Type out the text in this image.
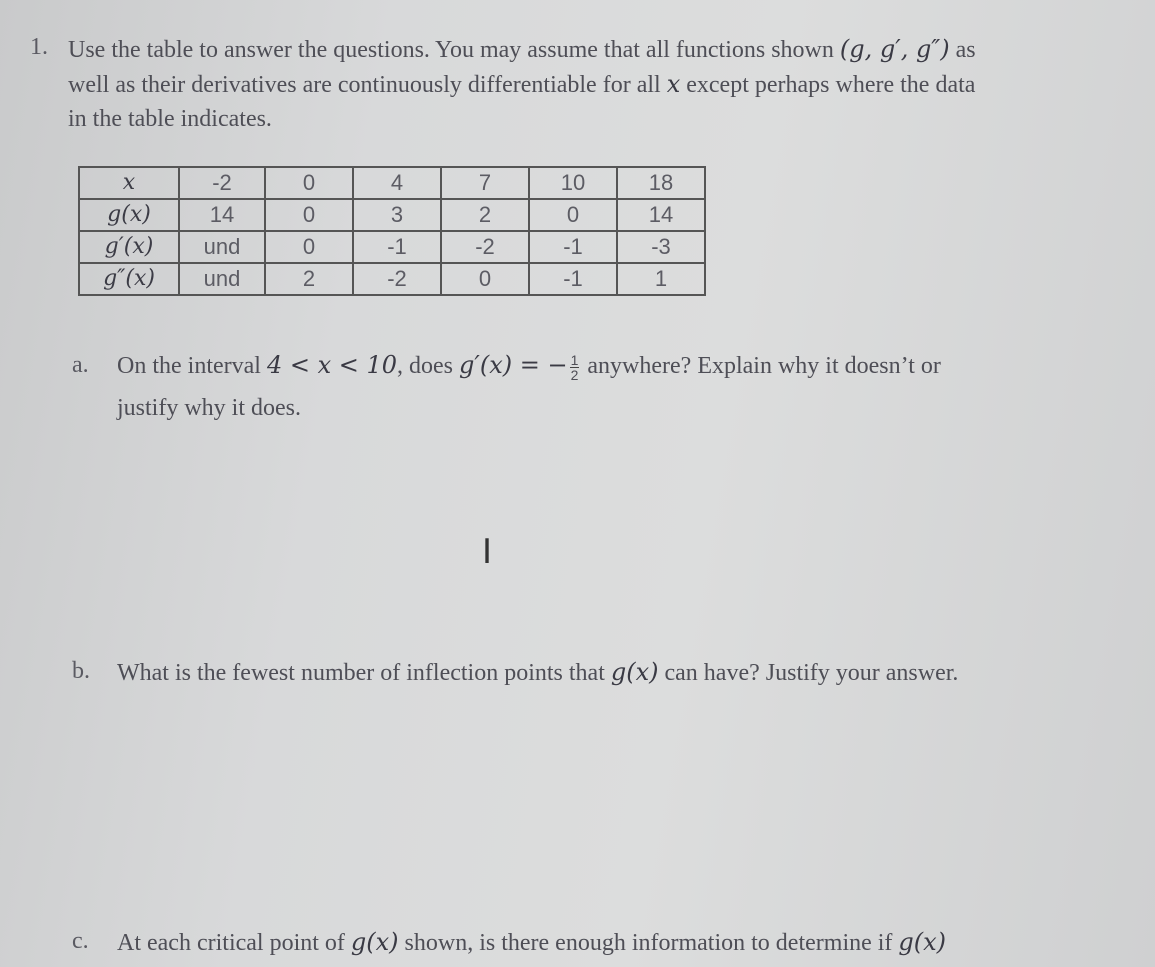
1. Use the table to answer the questions. You may assume that all functions shown (g, g′, g″) as
well as their derivatives are continuously differentiable for all x except perhaps where the data
in the table indicates.
x	-2	0	4	7	10	18
g(x)	14	0	3	2	0	14
g′(x)	und	0	-1	-2	-1	-3
g″(x)	und	2	-2	0	-1	1
a. On the interval 4 < x < 10, does g′(x) = − $\frac{1}{2}$ anywhere? Explain why it doesn’t or
justify why it does.
I
b. What is the fewest number of inflection points that g(x) can have? Justify your answer.
c. At each critical point of g(x) shown, is there enough information to determine if g(x)
